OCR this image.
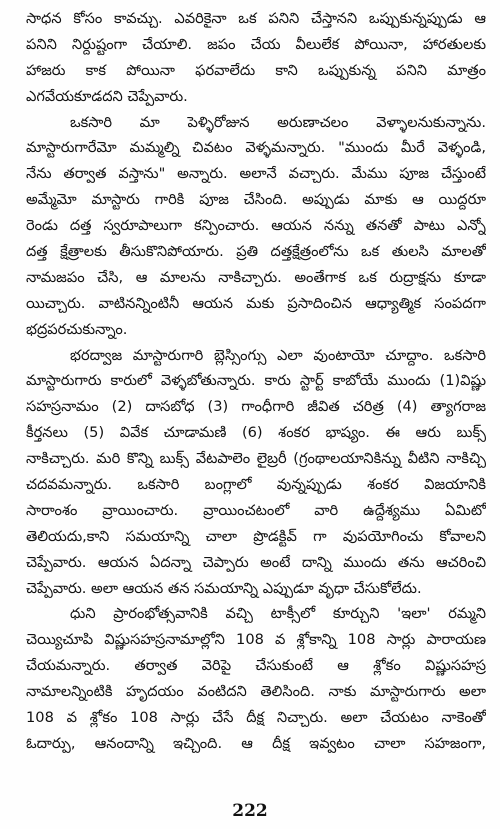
సాధన కోసం కావచ్చు. ఎవరికైనా ఒక పనిని చేస్తానని ఒప్పుకున్నప్పుడు ఆ
పనిని నిర్దుష్టంగా చేయాలి. జపం చేయ వీలులేక పోయినా, హారతులకు
హాజరు కాక పోయినా ఫరవాలేదు కాని ఒప్పుకున్న పనిని మాత్రం
ఎగవేయకూడదని చెప్పేవారు.
ఒకసారి మా పెళ్ళిరోజున అరుణాచలం వెళ్ళాలనుకున్నాను.
మాస్టారుగారేమో మమ్మల్ని చివటం వెళ్ళమన్నారు. "ముందు మీరే వెళ్ళండి,
నేను తర్వాత వస్తాను" అన్నారు. అలానే వచ్చారు. మేము పూజ చేస్తుంటే
అమ్మేమో మాస్టారు గారికి పూజ చేసింది. అప్పుడు మాకు ఆ యిద్దరూ
రెండు దత్త స్వరూపాలుగా కన్పించారు. ఆయన నన్ను తనతో పాటు ఎన్నో
దత్త క్షేత్రాలకు తీసుకొనిపోయారు. ప్రతి దత్తక్షేత్రంలోను ఒక తులసి మాలతో
నామజపం చేసి, ఆ మాలను నాకిచ్చారు. అంతేగాక ఒక రుద్రాక్షను కూడా
యిచ్చారు. వాటినన్నింటినీ ఆయన మకు ప్రసాదించిన ఆధ్యాత్మిక సంపదగా
భద్రపరచుకున్నాం.
భరద్వాజ మాస్టారుగారి బ్లెస్సింగ్సు ఎలా వుంటాయో చూద్దాం. ఒకసారి
మాస్టారుగారు కారులో వెళ్ళబోతున్నారు. కారు స్టార్ట్ కాబోయే ముందు (1)విష్ణు
సహస్రనామం (2) దాసబోధ (3) గాంధీగారి జీవిత చరిత్ర (4) త్యాగరాజ
కీర్తనలు (5) వివేక చూడామణి (6) శంకర భాష్యం. ఈ ఆరు బుక్స్
నాకిచ్చారు. మరి కొన్ని బుక్స్ వేటపాలెం లైబ్రరీ (గ్రంథాలయానికిన్ను వీటిని నాకిచ్చి
చదవమన్నారు. ఒకసారి బంగ్లాలో వున్నప్పుడు శంకర విజయానికి
సారాంశం వ్రాయించారు. వ్రాయించటంలో వారి ఉద్దేశ్యము ఏమిటో
తెలియదు,కాని సమయాన్ని చాలా ప్రొడక్టివ్ గా వుపయోగించు కోవాలని
చెప్పేవారు. ఆయన ఏదన్నా చెప్పారు అంటే దాన్ని ముందు తను ఆచరించి
చెప్పేవారు. అలా ఆయన తన సమయాన్ని ఎప్పుడూ వృధా చేసుకోలేదు.
ధుని ప్రారంభోత్సవానికి వచ్చి టాక్సీలో కూర్చుని 'ఇలా' రమ్మని
చెయ్యిచూపి విష్ణుసహస్రనామాల్లోని 108 వ శ్లోకాన్ని 108 సార్లు పారాయణ
చేయమన్నారు. తర్వాత వెరిపై చేసుకుంటే ఆ శ్లోకం విష్ణుసహస్ర
నామాలన్నింటికి హృదయం వంటిదని తెలిసింది. నాకు మాస్టారుగారు అలా
108 వ శ్లోకం 108 సార్లు చేసే దీక్ష నిచ్చారు. అలా చేయటం నాకెంతో
ఓదార్పు, ఆనందాన్ని ఇచ్చింది. ఆ దీక్ష ఇవ్వటం చాలా సహజంగా,
222
